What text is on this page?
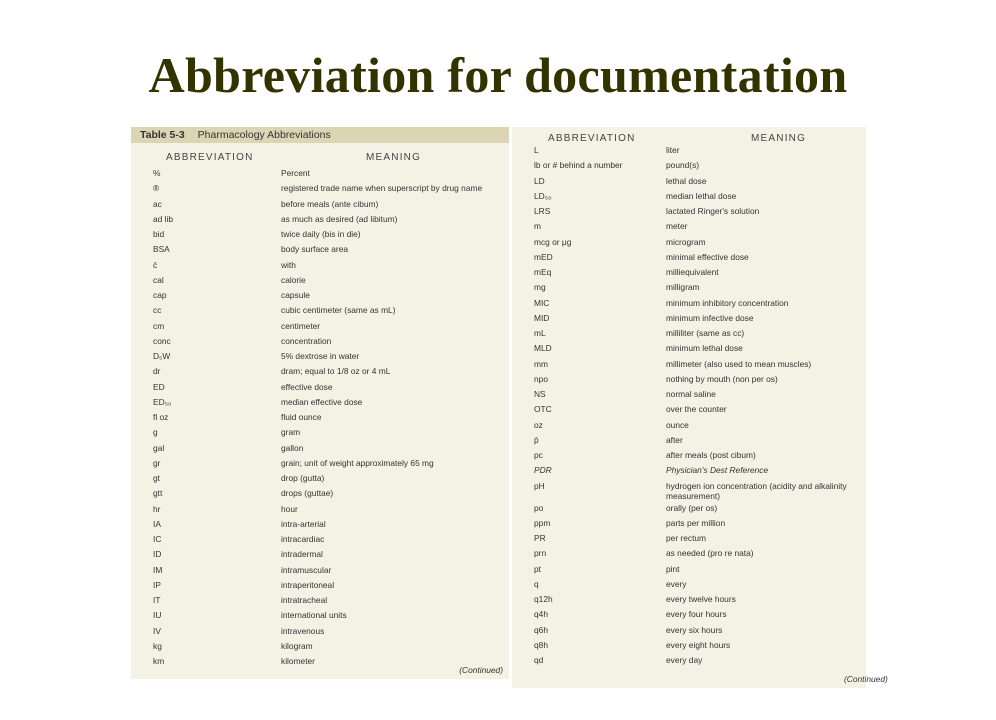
Abbreviation for documentation
Table 5-3 Pharmacology Abbreviations
ABBREVIATION	MEANING
%	Percent
®	registered trade name when superscript by drug name
ac	before meals (ante cibum)
ad lib	as much as desired (ad libitum)
bid	twice daily (bis in die)
BSA	body surface area
c̄	with
cal	calorie
cap	capsule
cc	cubic centimeter (same as mL)
cm	centimeter
conc	concentration
D₅W	5% dextrose in water
dr	dram; equal to 1/8 oz or 4 mL
ED	effective dose
ED₅₀	median effective dose
fl oz	fluid ounce
g	gram
gal	gallon
gr	grain; unit of weight approximately 65 mg
gt	drop (gutta)
gtt	drops (guttae)
hr	hour
IA	intra-arterial
IC	intracardiac
ID	intradermal
IM	intramuscular
IP	intraperitoneal
IT	intratracheal
IU	international units
IV	intravenous
kg	kilogram
km	kilometer
(Continued)
ABBREVIATION	MEANING
L	liter
lb or # behind a number	pound(s)
LD	lethal dose
LD₅₀	median lethal dose
LRS	lactated Ringer's solution
m	meter
mcg or μg	microgram
mED	minimal effective dose
mEq	milliequivalent
mg	milligram
MIC	minimum inhibitory concentration
MID	minimum infective dose
mL	milliliter (same as cc)
MLD	minimum lethal dose
mm	millimeter (also used to mean muscles)
npo	nothing by mouth (non per os)
NS	normal saline
OTC	over the counter
oz	ounce
p̄	after
pc	after meals (post cibum)
PDR	Physician's Dest Reference
pH	hydrogen ion concentration (acidity and alkalinity measurement)
po	orally (per os)
ppm	parts per million
PR	per rectum
prn	as needed (pro re nata)
pt	pint
q	every
q12h	every twelve hours
q4h	every four hours
q6h	every six hours
q8h	every eight hours
qd	every day
(Continued)
